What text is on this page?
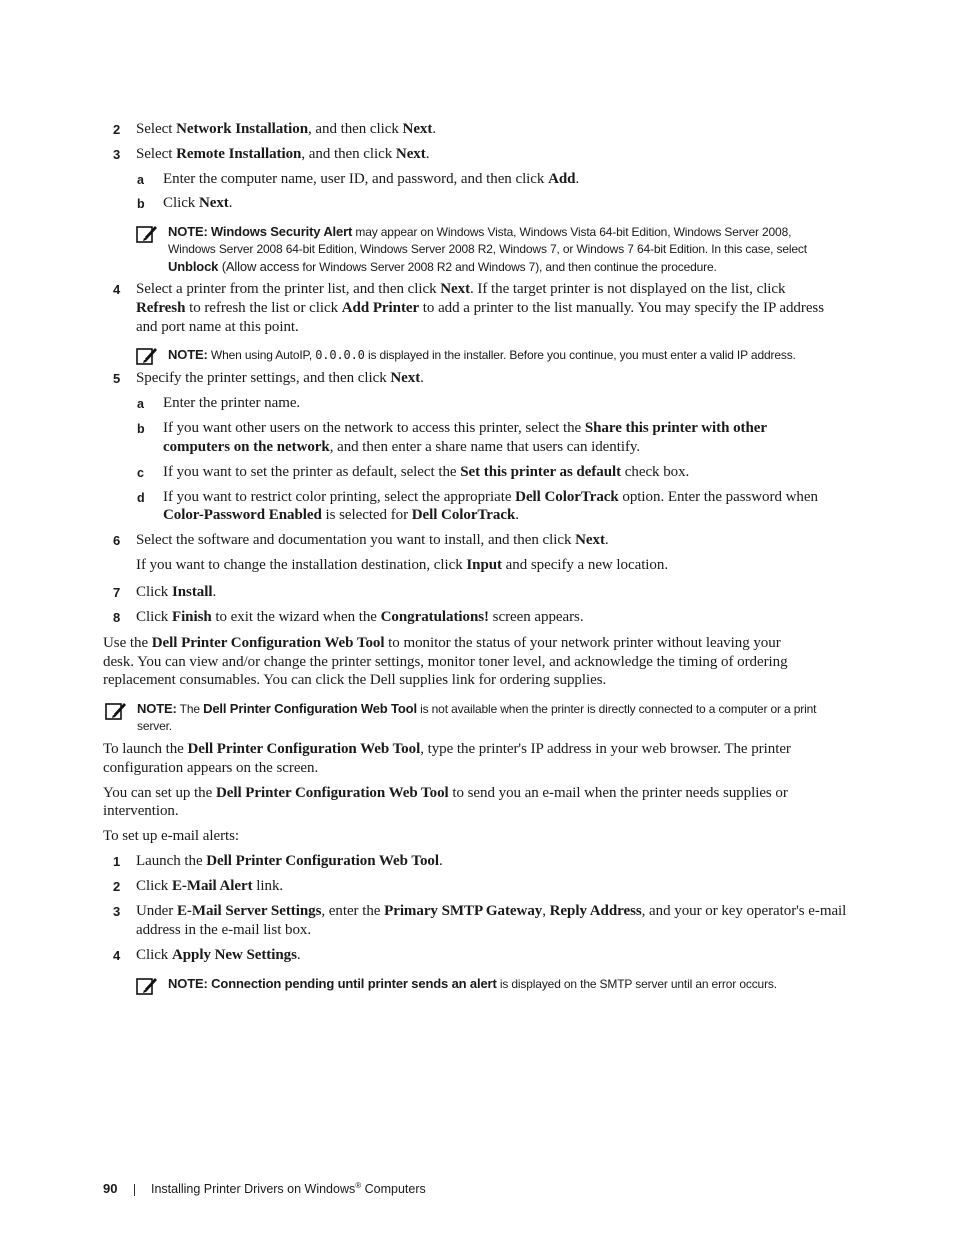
2 Select Network Installation, and then click Next.
3 Select Remote Installation, and then click Next.
a Enter the computer name, user ID, and password, and then click Add.
b Click Next.
NOTE: Windows Security Alert may appear on Windows Vista, Windows Vista 64-bit Edition, Windows Server 2008,
Windows Server 2008 64-bit Edition, Windows Server 2008 R2, Windows 7, or Windows 7 64-bit Edition. In this case, select
Unblock (Allow access for Windows Server 2008 R2 and Windows 7), and then continue the procedure.
4 Select a printer from the printer list, and then click Next. If the target printer is not displayed on the list, click
Refresh to refresh the list or click Add Printer to add a printer to the list manually. You may specify the IP address
and port name at this point.
NOTE: When using AutoIP, 0.0.0.0 is displayed in the installer. Before you continue, you must enter a valid IP address.
5 Specify the printer settings, and then click Next.
a Enter the printer name.
b If you want other users on the network to access this printer, select the Share this printer with other
computers on the network, and then enter a share name that users can identify.
c If you want to set the printer as default, select the Set this printer as default check box.
d If you want to restrict color printing, select the appropriate Dell ColorTrack option. Enter the password when
Color-Password Enabled is selected for Dell ColorTrack.
6 Select the software and documentation you want to install, and then click Next.
If you want to change the installation destination, click Input and specify a new location.
7 Click Install.
8 Click Finish to exit the wizard when the Congratulations! screen appears.
Use the Dell Printer Configuration Web Tool to monitor the status of your network printer without leaving your
desk. You can view and/or change the printer settings, monitor toner level, and acknowledge the timing of ordering
replacement consumables. You can click the Dell supplies link for ordering supplies.
NOTE: The Dell Printer Configuration Web Tool is not available when the printer is directly connected to a computer or a print
server.
To launch the Dell Printer Configuration Web Tool, type the printer's IP address in your web browser. The printer
configuration appears on the screen.
You can set up the Dell Printer Configuration Web Tool to send you an e-mail when the printer needs supplies or
intervention.
To set up e-mail alerts:
1 Launch the Dell Printer Configuration Web Tool.
2 Click E-Mail Alert link.
3 Under E-Mail Server Settings, enter the Primary SMTP Gateway, Reply Address, and your or key operator's e-mail
address in the e-mail list box.
4 Click Apply New Settings.
NOTE: Connection pending until printer sends an alert is displayed on the SMTP server until an error occurs.
90	Installing Printer Drivers on Windows® Computers
